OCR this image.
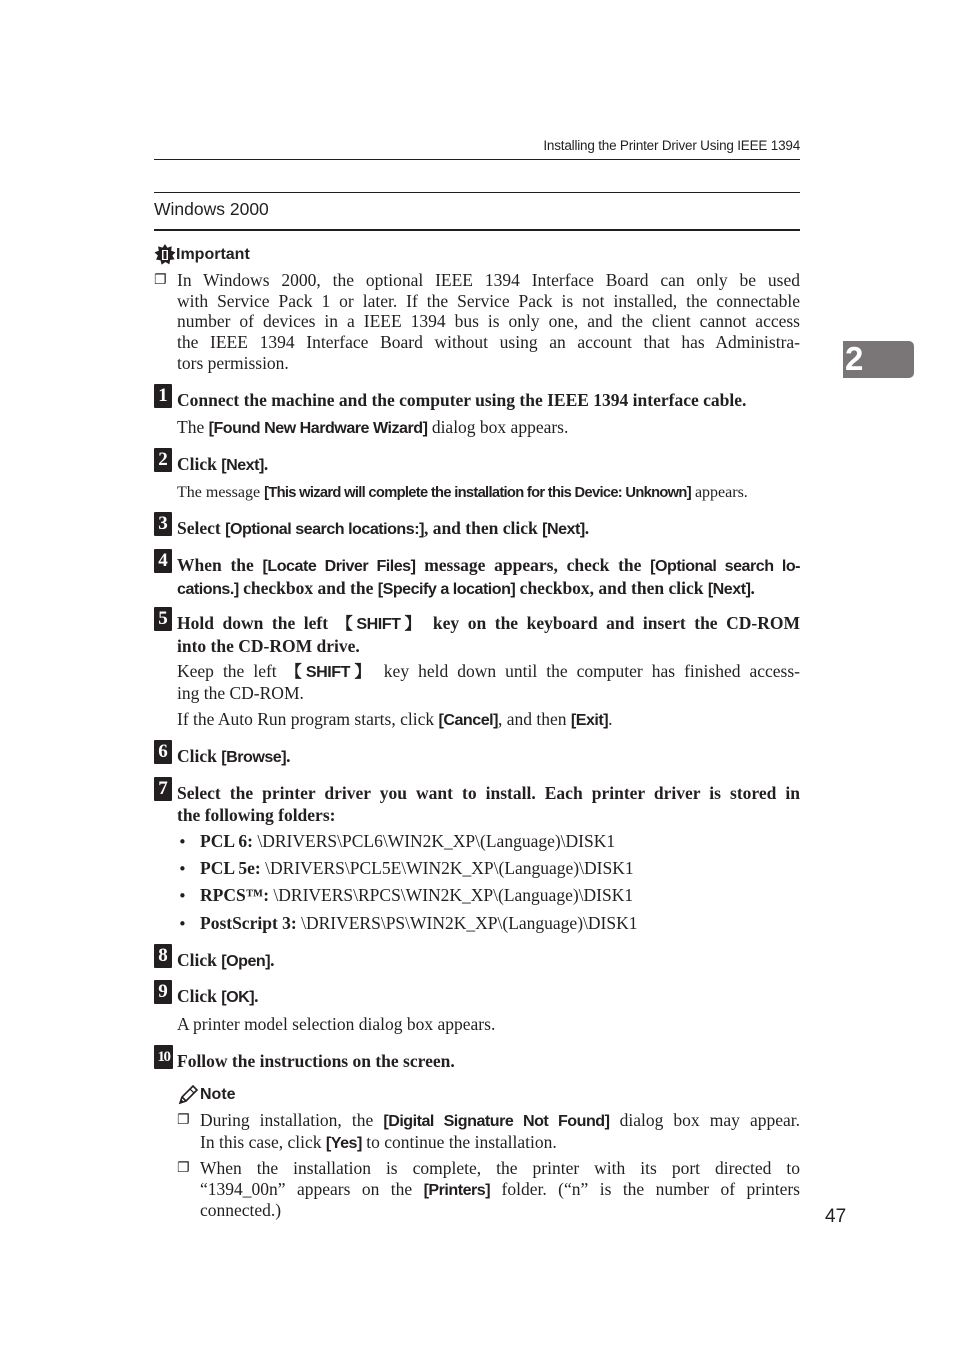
Installing the Printer Driver Using IEEE 1394
Windows 2000
2
Important
❐ In Windows 2000, the optional IEEE 1394 Interface Board can only be used
with Service Pack 1 or later. If the Service Pack is not installed, the connectable
number of devices in a IEEE 1394 bus is only one, and the client cannot access
the IEEE 1394 Interface Board without using an account that has Administra-
tors permission.
1 Connect the machine and the computer using the IEEE 1394 interface cable.
The [Found New Hardware Wizard] dialog box appears.
2 Click [Next].
The message [This wizard will complete the installation for this Device: Unknown] appears.
3 Select [Optional search locations:], and then click [Next].
4 When the [Locate Driver Files] message appears, check the [Optional search lo-
cations.] checkbox and the [Specify a location] checkbox, and then click [Next].
5 Hold down the left 【SHIFT】 key on the keyboard and insert the CD-ROM
into the CD-ROM drive.
Keep the left 【SHIFT】 key held down until the computer has finished access-
ing the CD-ROM.
If the Auto Run program starts, click [Cancel], and then [Exit].
6 Click [Browse].
7 Select the printer driver you want to install. Each printer driver is stored in
the following folders:
• PCL 6: \DRIVERS\PCL6\WIN2K_XP\(Language)\DISK1
• PCL 5e: \DRIVERS\PCL5E\WIN2K_XP\(Language)\DISK1
• RPCS™: \DRIVERS\RPCS\WIN2K_XP\(Language)\DISK1
• PostScript 3: \DRIVERS\PS\WIN2K_XP\(Language)\DISK1
8 Click [Open].
9 Click [OK].
A printer model selection dialog box appears.
10 Follow the instructions on the screen.
Note
❐ During installation, the [Digital Signature Not Found] dialog box may appear.
In this case, click [Yes] to continue the installation.
❐ When the installation is complete, the printer with its port directed to
“1394_00n” appears on the [Printers] folder. (“n” is the number of printers
connected.)	47
